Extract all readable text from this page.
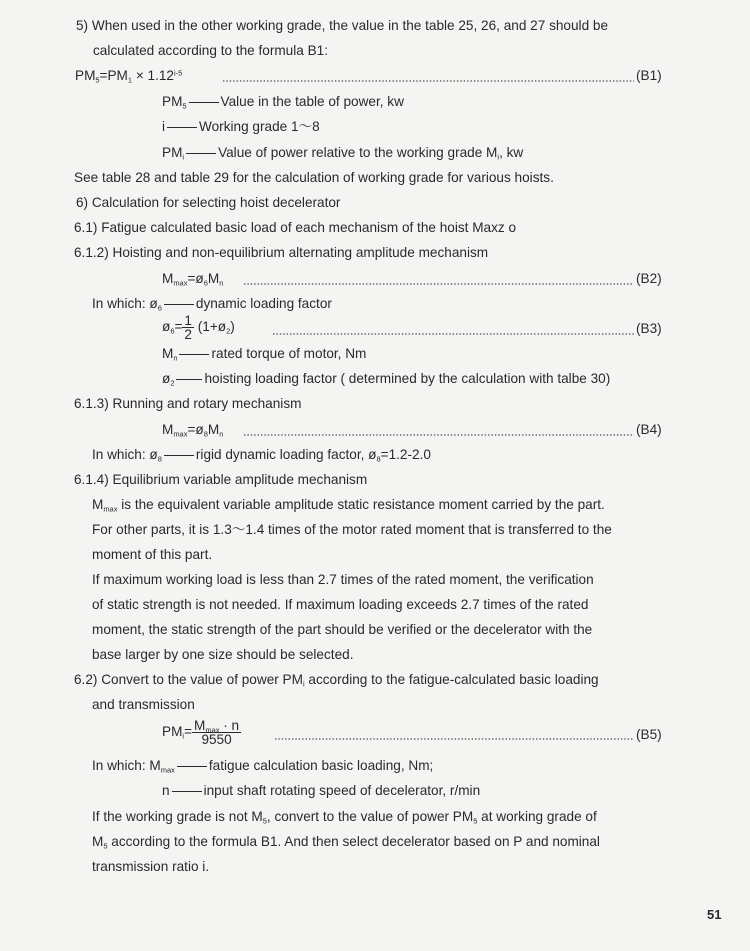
5) When used in the other working grade, the value in the table 25, 26, and 27 should be
calculated according to the formula B1:
$PM_5=PM_1 \times 1.12^{i-5}$	(B1)
$PM_5$	Value in the table of power, kw
i	Working grade 1～8
$PM_i$	Value of power relative to the working grade $M_i$, kw
See table 28 and table 29 for the calculation of working grade for various hoists.
6) Calculation for selecting hoist decelerator
6.1) Fatigue calculated basic load of each mechanism of the hoist Maxz o
6.1.2) Hoisting and non-equilibrium alternating amplitude mechanism
$M_{max}=ø_6M_n$	(B2)
In which: $ø_6$	dynamic loading factor
$ø_6= \frac{1}{2}$ $(1+ø_2)$	(B3)
$M_n$	rated torque of motor, Nm
$ø_2$ hoisting loading factor ( determined by the calculation with talbe 30)
6.1.3) Running and rotary mechanism
$M_{max}=ø_8M_n$	(B4)
In which: $ø_8$	rigid dynamic loading factor, $ø_8=1.2-2.0$
6.1.4) Equilibrium variable amplitude mechanism
$M_{max}$ is the equivalent variable amplitude static resistance moment carried by the part.
For other parts, it is 1.3～1.4 times of the motor rated moment that is transferred to the
moment of this part.
If maximum working load is less than 2.7 times of the rated moment, the verification
of static strength is not needed. If maximum loading exceeds 2.7 times of the rated
moment, the static strength of the part should be verified or the decelerator with the
base larger by one size should be selected.
6.2) Convert to the value of power $PM_i$ according to the fatigue-calculated basic loading
and transmission
$PM_i= \frac{M_{max} \cdot n}{9550}$	(B5)
In which: $M_{max}$	fatigue calculation basic loading, Nm;
n	input shaft rotating speed of decelerator, r/min
If the working grade is not $M_5$, convert to the value of power $PM_5$ at working grade of
$M_5$ according to the formula B1. And then select decelerator based on P and nominal
transmission ratio i.
51
